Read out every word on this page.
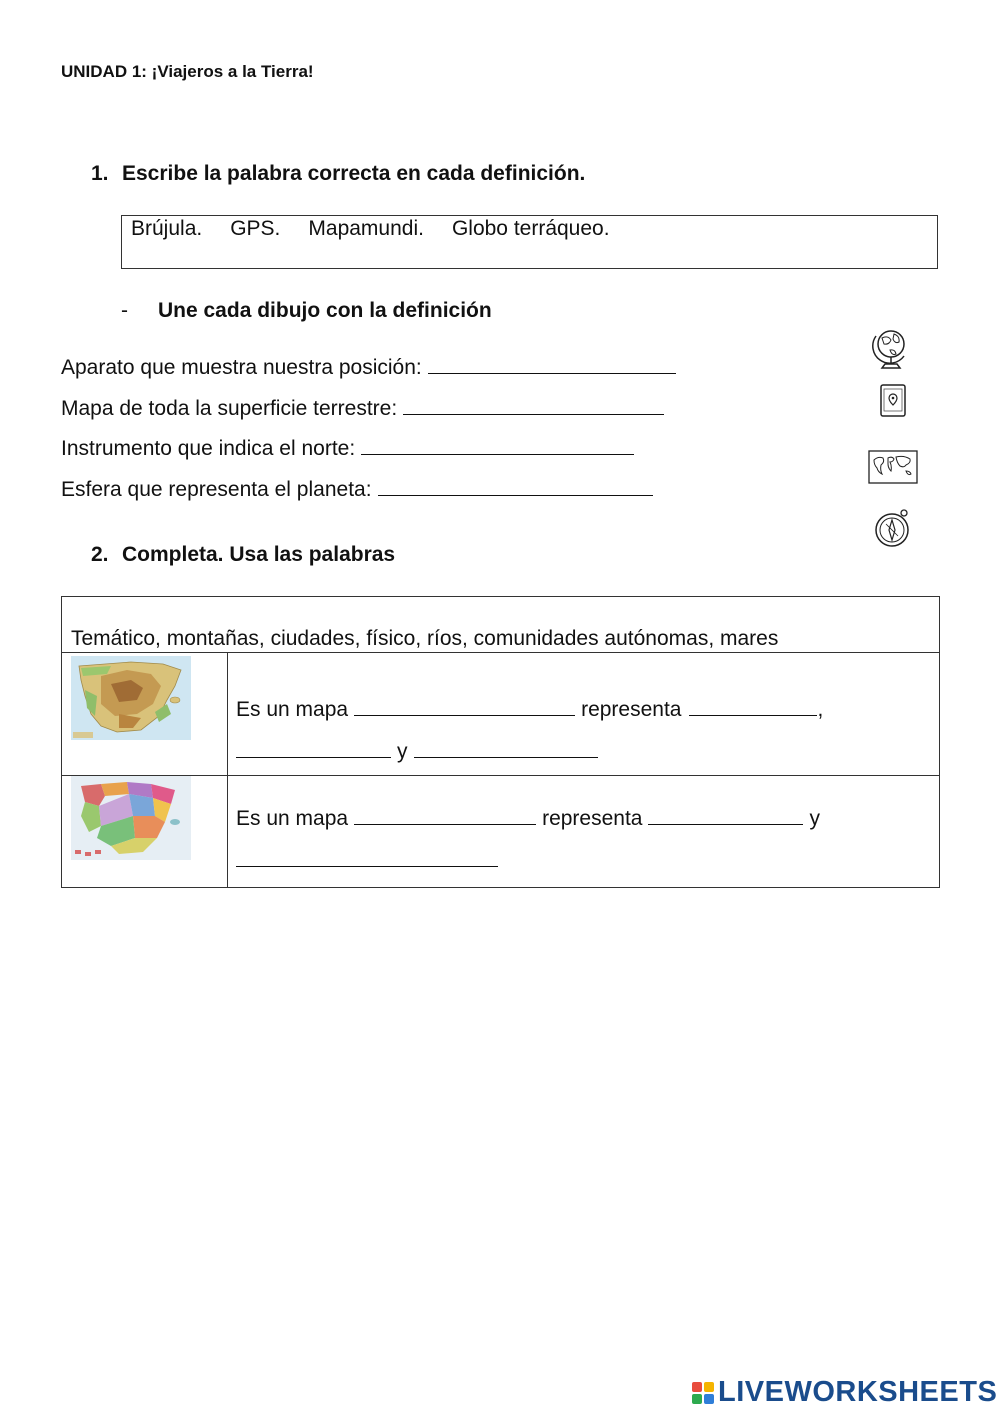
UNIDAD 1: ¡Viajeros a la Tierra!
1. Escribe la palabra correcta en cada definición.
Brújula. GPS. Mapamundi. Globo terráqueo.
- Une cada dibujo con la definición
Aparato que muestra nuestra posición:
Mapa de toda la superficie terrestre:
Instrumento que indica el norte:
Esfera que representa el planeta:
2. Completa. Usa las palabras
Temático, montañas, ciudades, físico, ríos, comunidades autónomas, mares
Es un mapa	representa	,
y
Es un mapa	representa	y
LIVEWORKSHEETS
